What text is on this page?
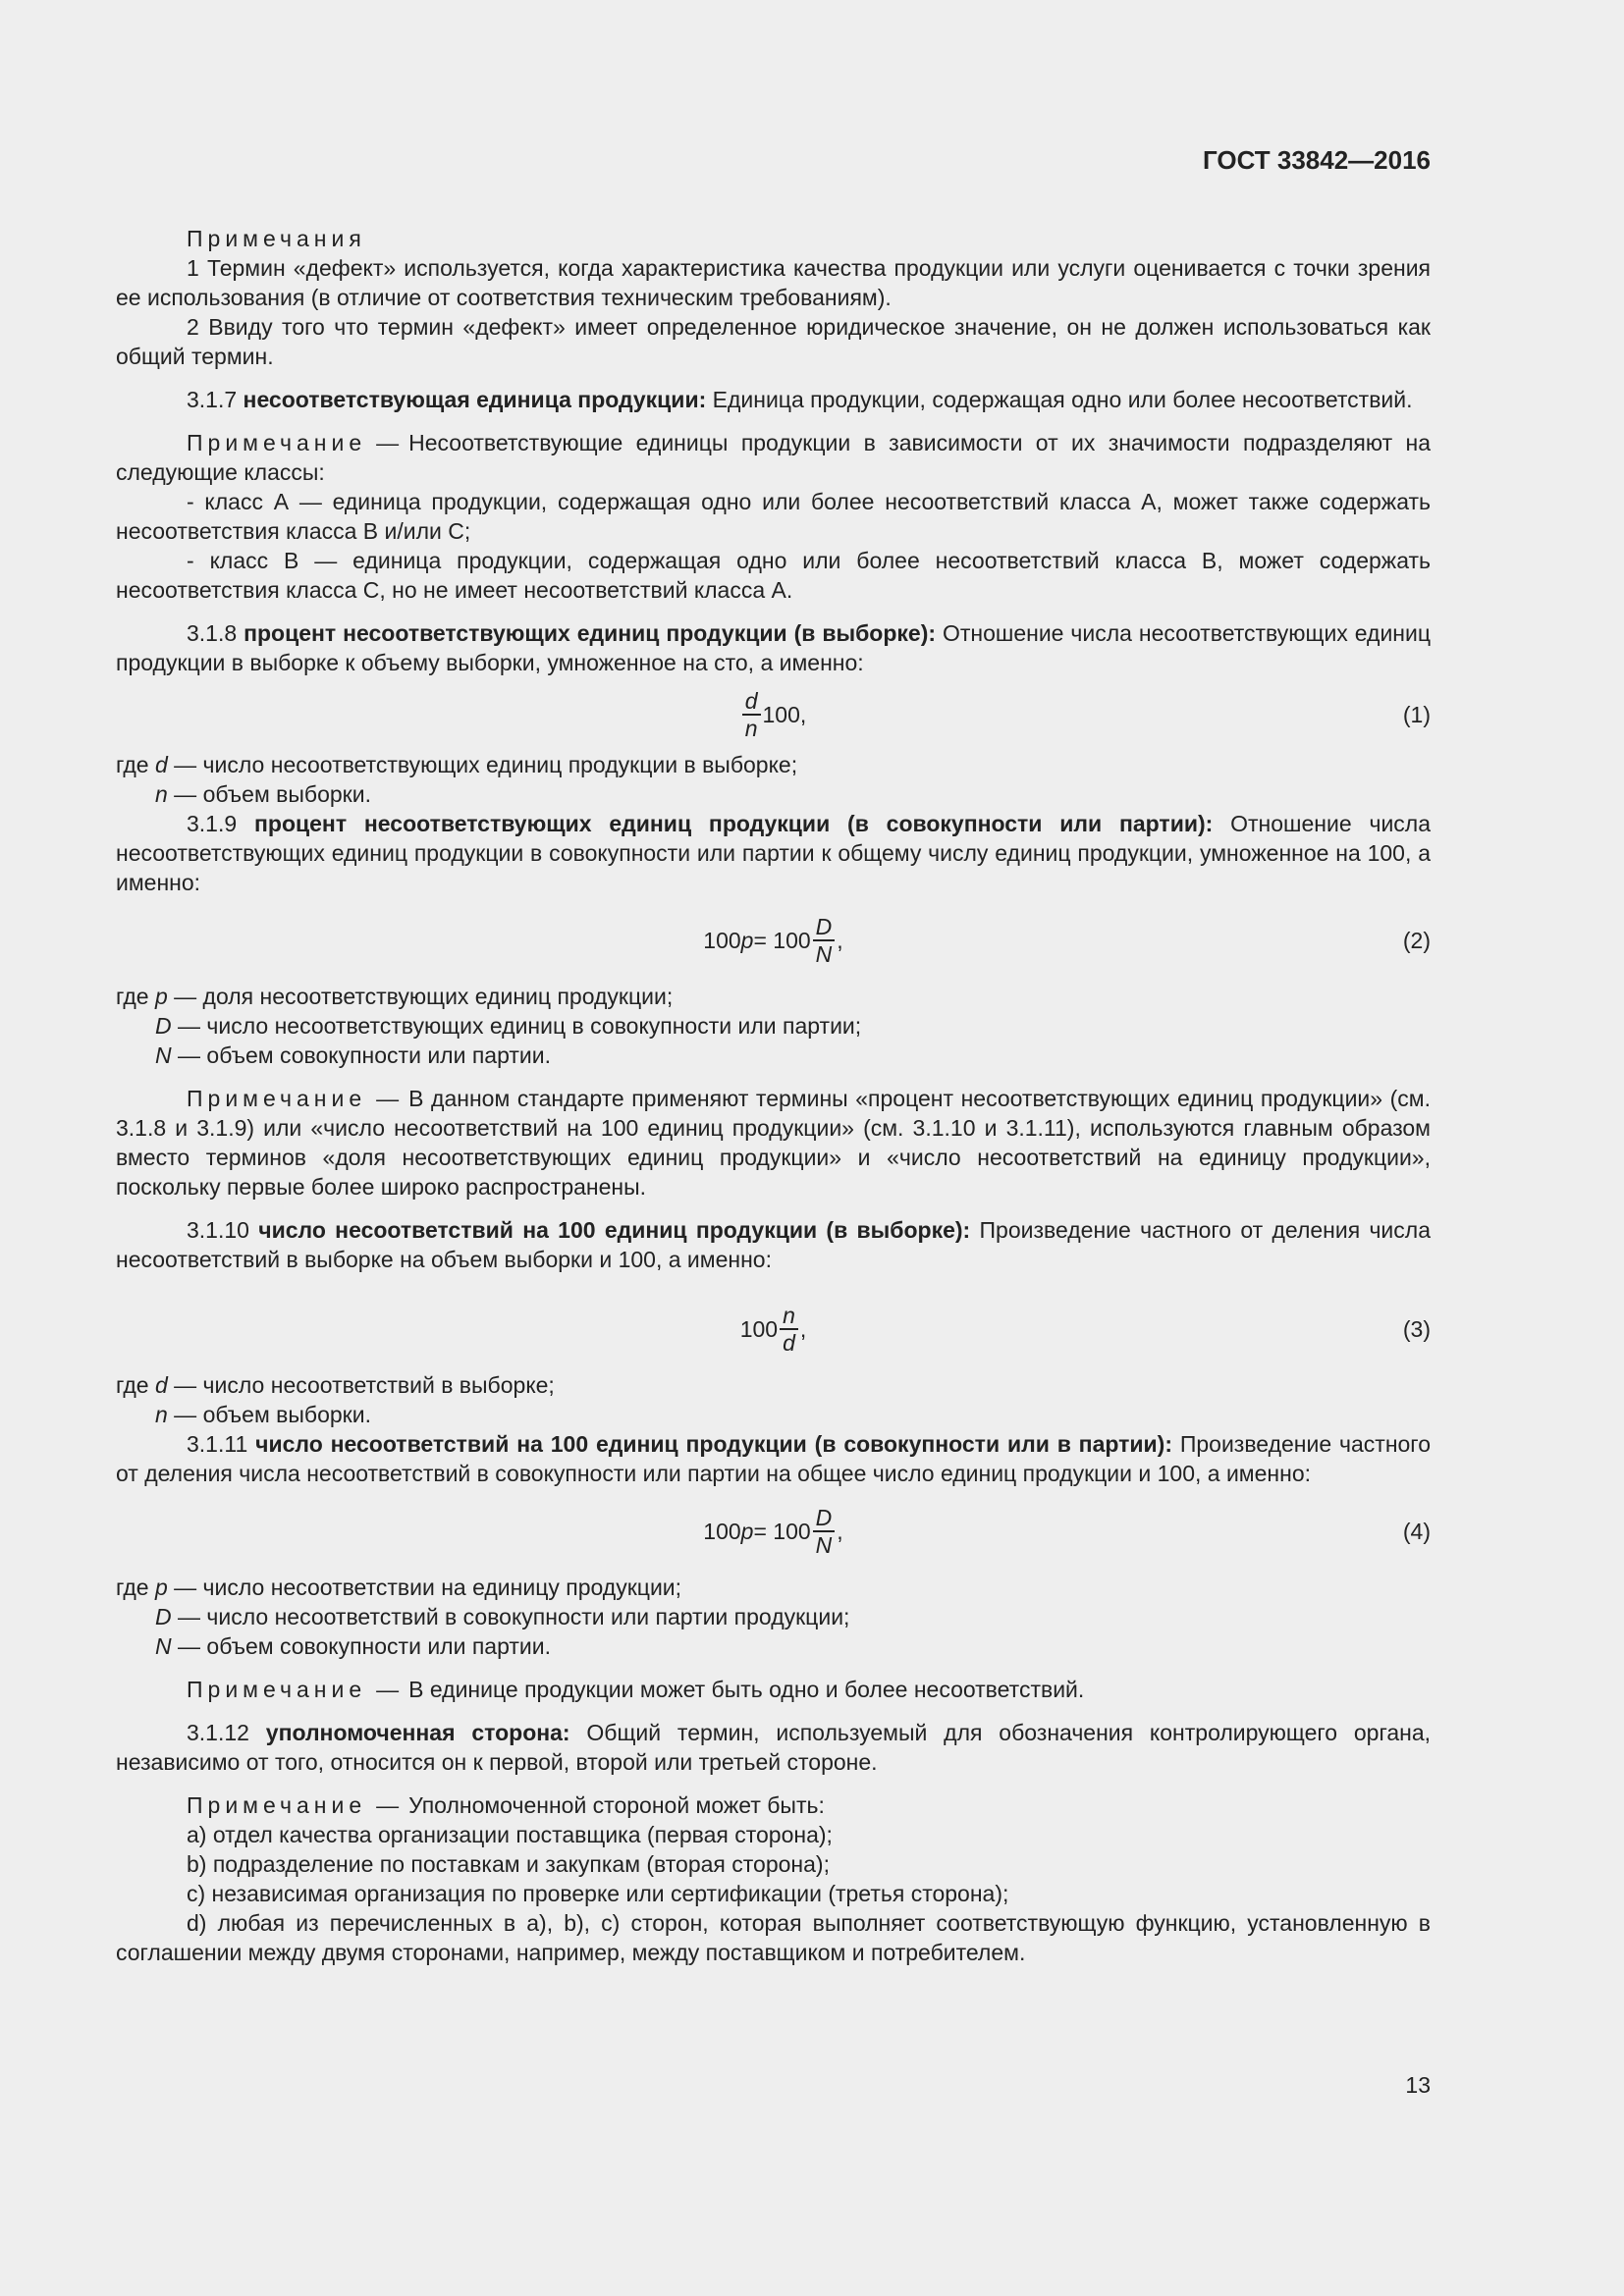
ГОСТ 33842—2016

Примечания

1 Термин «дефект» используется, когда характеристика качества продукции или услуги оценивается с точки зрения ее использования (в отличие от соответствия техническим требованиям).

2 Ввиду того что термин «дефект» имеет определенное юридическое значение, он не должен использоваться как общий термин.

3.1.7 несоответствующая единица продукции: Единица продукции, содержащая одно или более несоответствий.

Примечание — Несоответствующие единицы продукции в зависимости от их значимости подразделяют на следующие классы:

- класс А — единица продукции, содержащая одно или более несоответствий класса А, может также содержать несоответствия класса В и/или С;

- класс В — единица продукции, содержащая одно или более несоответствий класса В, может содержать несоответствия класса С, но не имеет несоответствий класса А.

3.1.8 процент несоответствующих единиц продукции (в выборке): Отношение числа несоответствующих единиц продукции в выборке к объему выборки, умноженное на сто, а именно:

$\frac{d}{n} 100$,	(1)

где d — число несоответствующих единиц продукции в выборке;

n — объем выборки.

3.1.9 процент несоответствующих единиц продукции (в совокупности или партии): Отношение числа несоответствующих единиц продукции в совокупности или партии к общему числу единиц продукции, умноженное на 100, а именно:

100 $p = 100 \frac{D}{N}$ ,	(2)

где p — доля несоответствующих единиц продукции;

D — число несоответствующих единиц в совокупности или партии;

N — объем совокупности или партии.

Примечание — В данном стандарте применяют термины «процент несоответствующих единиц продукции» (см. 3.1.8 и 3.1.9) или «число несоответствий на 100 единиц продукции» (см. 3.1.10 и 3.1.11), используются главным образом вместо терминов «доля несоответствующих единиц продукции» и «число несоответствий на единицу продукции», поскольку первые более широко распространены.

3.1.10 число несоответствий на 100 единиц продукции (в выборке): Произведение частного от деления числа несоответствий в выборке на объем выборки и 100, а именно:

$100 \frac{n}{d}$ ,	(3)

где d — число несоответствий в выборке;

n — объем выборки.

3.1.11 число несоответствий на 100 единиц продукции (в совокупности или в партии): Произведение частного от деления числа несоответствий в совокупности или партии на общее число единиц продукции и 100, а именно:

100 $p = 100 \frac{D}{N}$ ,	(4)

где p — число несоответствии на единицу продукции;

D — число несоответствий в совокупности или партии продукции;

N — объем совокупности или партии.

Примечание — В единице продукции может быть одно и более несоответствий.

3.1.12 уполномоченная сторона: Общий термин, используемый для обозначения контролирующего органа, независимо от того, относится он к первой, второй или третьей стороне.

Примечание — Уполномоченной стороной может быть:

а) отдел качества организации поставщика (первая сторона);

b) подразделение по поставкам и закупкам (вторая сторона);

с) независимая организация по проверке или сертификации (третья сторона);

d) любая из перечисленных в а), b), с) сторон, которая выполняет соответствующую функцию, установленную в соглашении между двумя сторонами, например, между поставщиком и потребителем.

13
